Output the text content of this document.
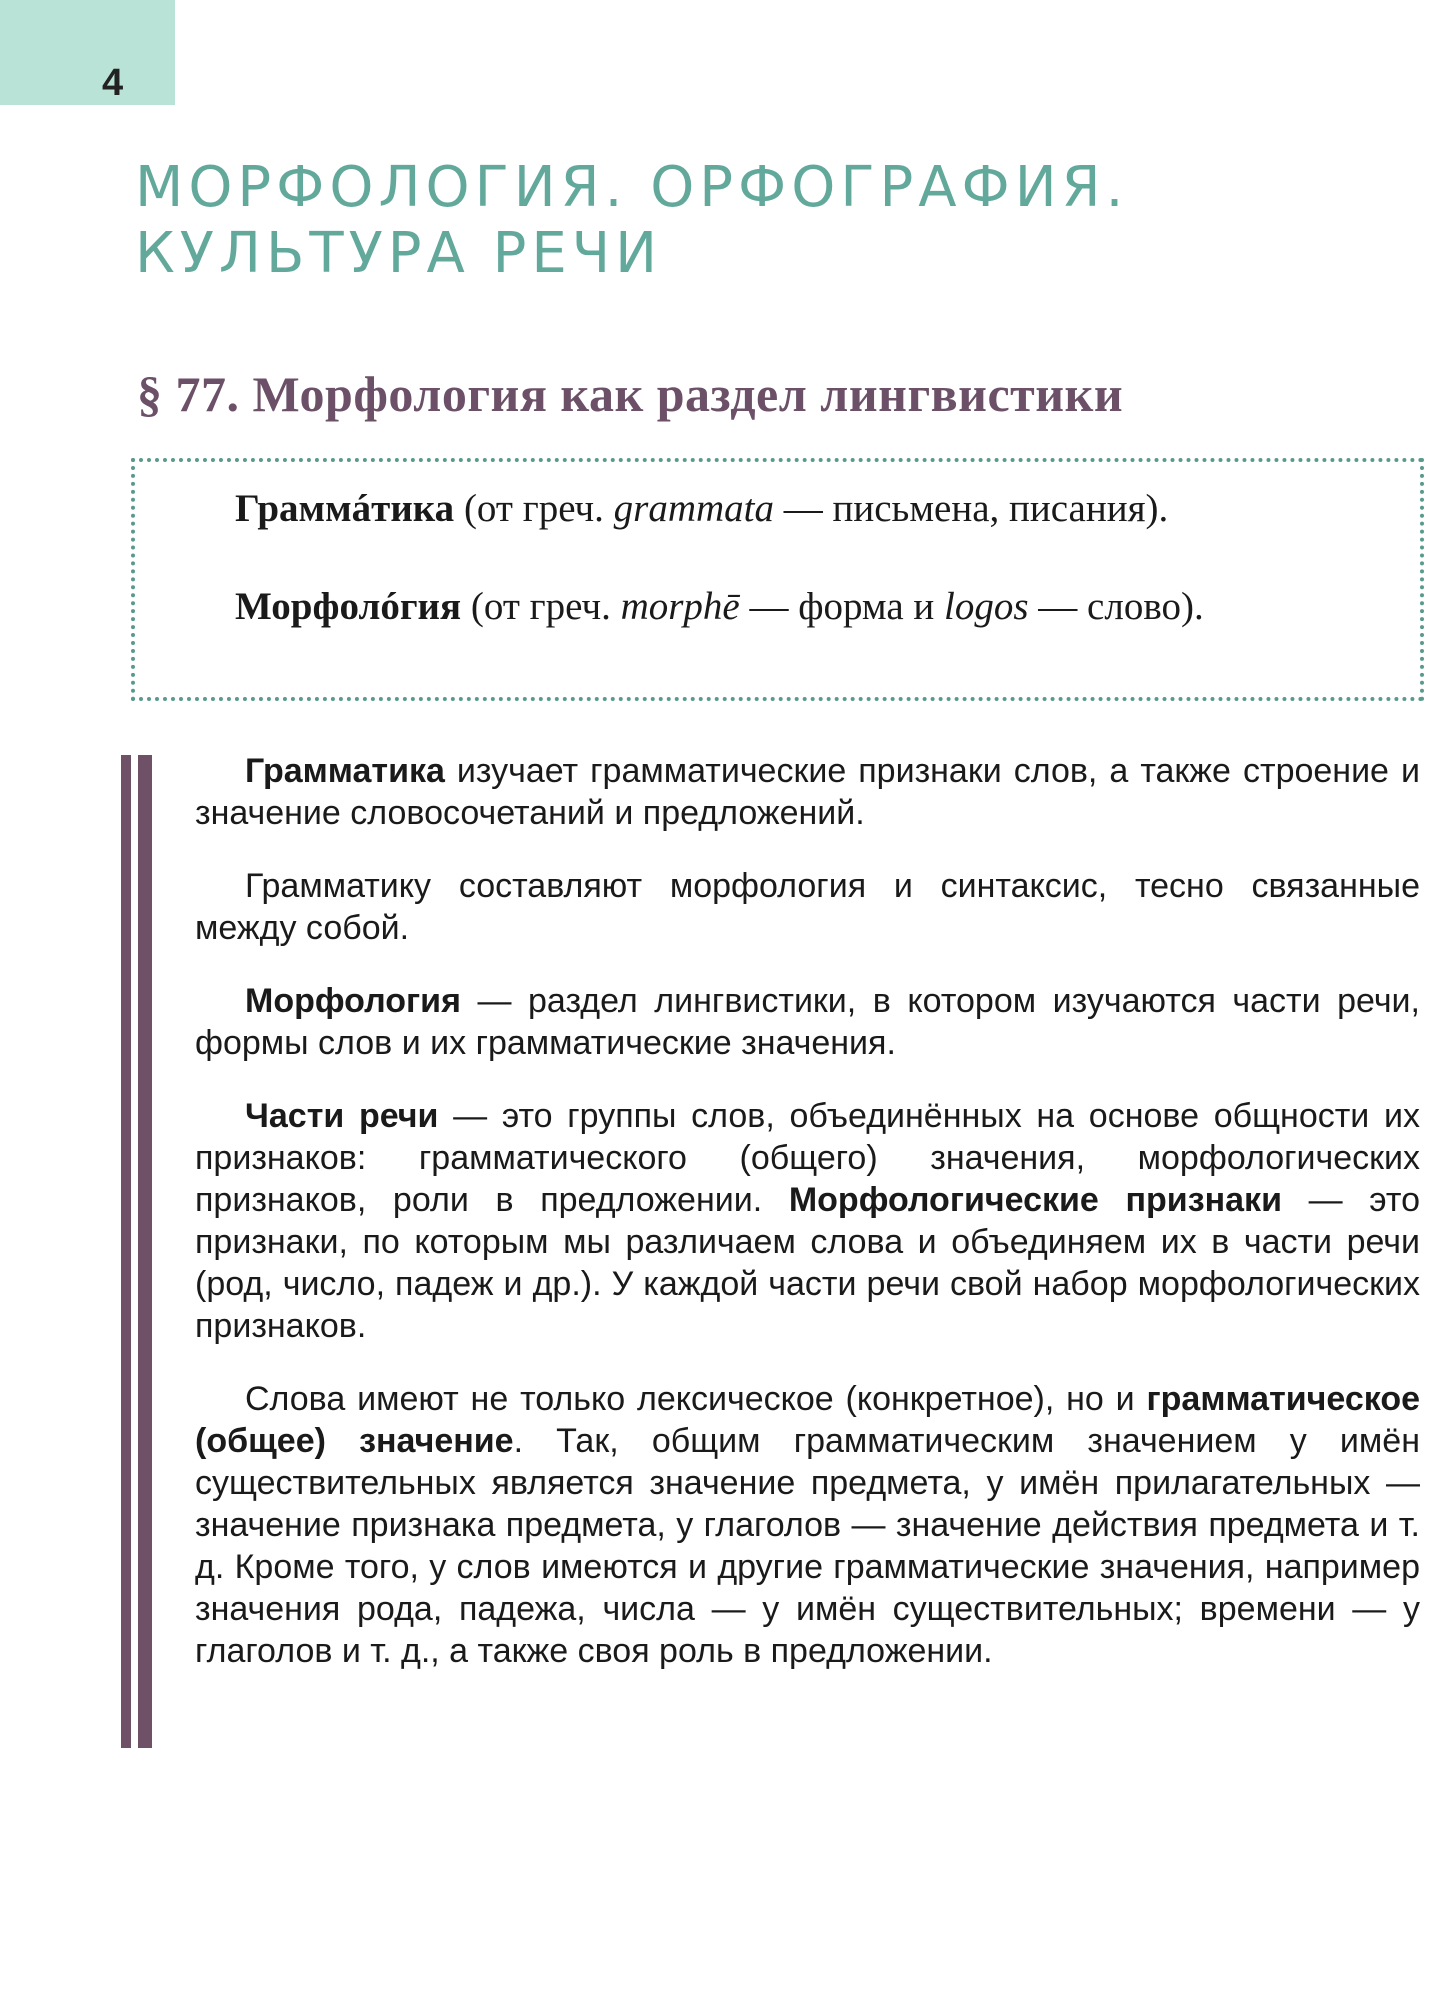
4
МОРФОЛОГИЯ. ОРФОГРАФИЯ.
КУЛЬТУРА РЕЧИ
§ 77. Морфология как раздел лингвистики

Граммáтика (от греч. grammata — письмена, писания).

Морфолóгия (от греч. morphē — форма и logos — слово).

Грамматика изучает грамматические признаки слов, а также строение и значение словосочетаний и предложений.

Грамматику составляют морфология и синтаксис, тесно связанные между собой.

Морфология — раздел лингвистики, в котором изучаются части речи, формы слов и их грамматические значения.

Части речи — это группы слов, объединённых на основе общности их признаков: грамматического (общего) значения, морфологических признаков, роли в предложении. Морфологические признаки — это признаки, по которым мы различаем слова и объединяем их в части речи (род, число, падеж и др.). У каждой части речи свой набор морфологических признаков.

Слова имеют не только лексическое (конкретное), но и грамматическое (общее) значение. Так, общим грамматическим значением у имён существительных является значение предмета, у имён прилагательных — значение признака предмета, у глаголов — значение действия предмета и т. д. Кроме того, у слов имеются и другие грамматические значения, например значения рода, падежа, числа — у имён существительных; времени — у глаголов и т. д., а также своя роль в предложении.
